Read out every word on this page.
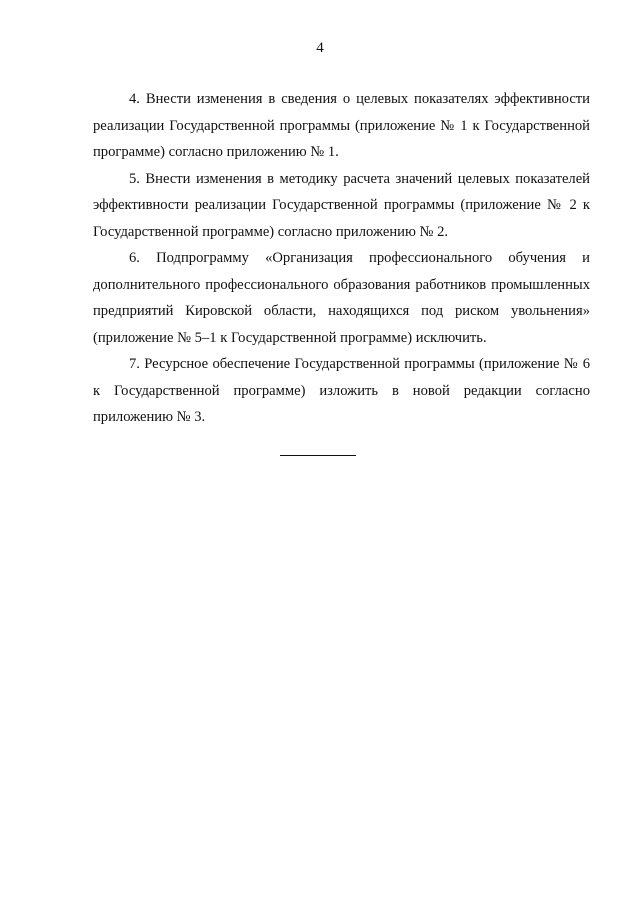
4

4. Внести изменения в сведения о целевых показателях эффективности реализации Государственной программы (приложение № 1 к Государственной программе) согласно приложению № 1.

5. Внести изменения в методику расчета значений целевых показателей эффективности реализации Государственной программы (приложение № 2 к Государственной программе) согласно приложению № 2.

6. Подпрограмму «Организация профессионального обучения и дополнительного профессионального образования работников промышленных предприятий Кировской области, находящихся под риском увольнения» (приложение № 5–1 к Государственной программе) исключить.

7. Ресурсное обеспечение Государственной программы (приложение № 6 к Государственной программе) изложить в новой редакции согласно приложению № 3.
